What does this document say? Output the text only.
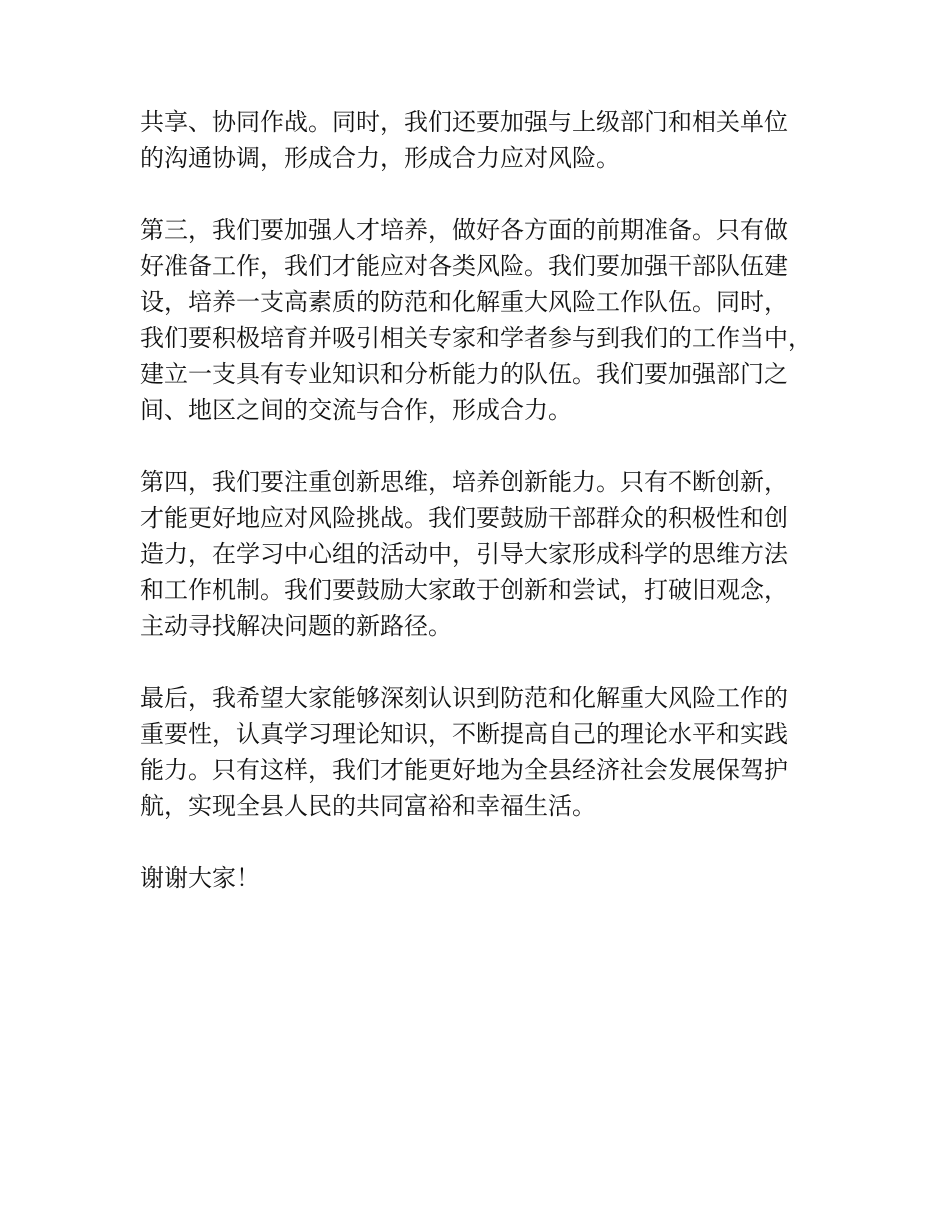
共享、协同作战。同时，我们还要加强与上级部门和相关单位
的沟通协调，形成合力，形成合力应对风险。
第三，我们要加强人才培养，做好各方面的前期准备。只有做
好准备工作，我们才能应对各类风险。我们要加强干部队伍建
设，培养一支高素质的防范和化解重大风险工作队伍。同时，
我们要积极培育并吸引相关专家和学者参与到我们的工作当中，
建立一支具有专业知识和分析能力的队伍。我们要加强部门之
间、地区之间的交流与合作，形成合力。
第四，我们要注重创新思维，培养创新能力。只有不断创新，
才能更好地应对风险挑战。我们要鼓励干部群众的积极性和创
造力，在学习中心组的活动中，引导大家形成科学的思维方法
和工作机制。我们要鼓励大家敢于创新和尝试，打破旧观念，
主动寻找解决问题的新路径。
最后，我希望大家能够深刻认识到防范和化解重大风险工作的
重要性，认真学习理论知识，不断提高自己的理论水平和实践
能力。只有这样，我们才能更好地为全县经济社会发展保驾护
航，实现全县人民的共同富裕和幸福生活。
谢谢大家！
